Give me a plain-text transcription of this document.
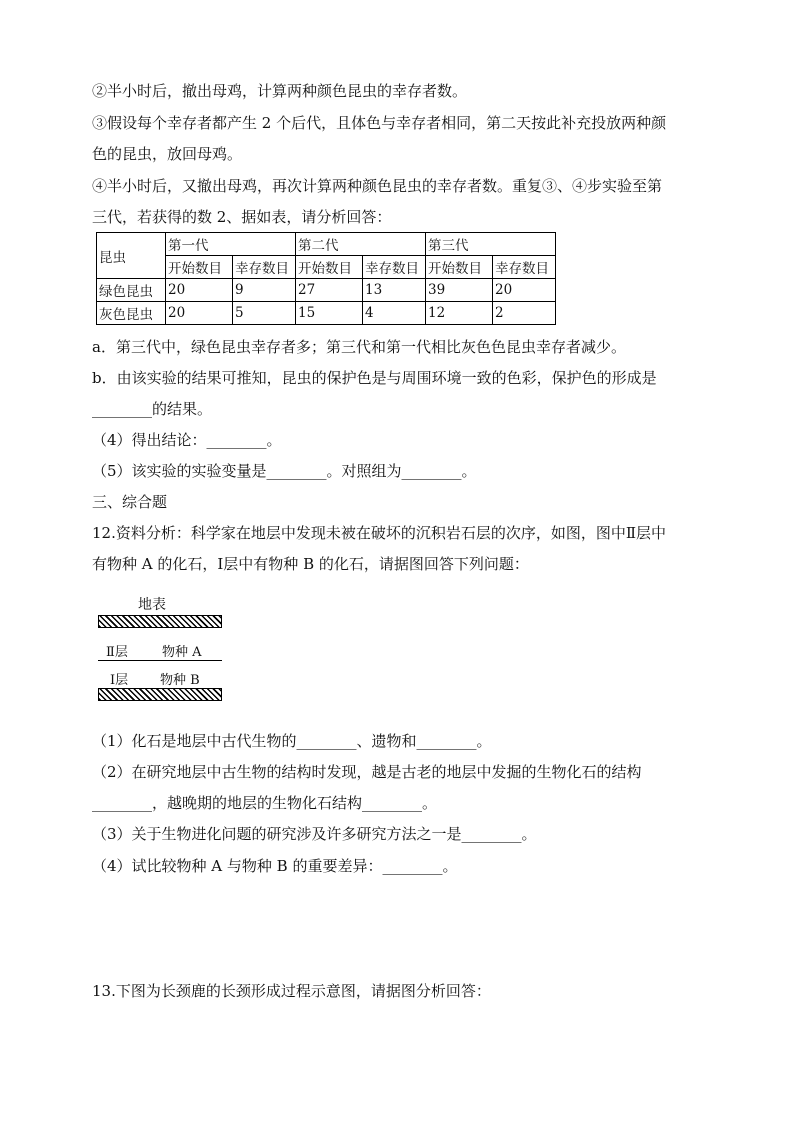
②半小时后，撤出母鸡，计算两种颜色昆虫的幸存者数。
③假设每个幸存者都产生 2 个后代，且体色与幸存者相同，第二天按此补充投放两种颜
色的昆虫，放回母鸡。
④半小时后，又撤出母鸡，再次计算两种颜色昆虫的幸存者数。重复③、④步实验至第
三代，若获得的数 2、据如表，请分析回答：
昆虫	第一代		第二代		第三代	
	开始数目	幸存数目	开始数目	幸存数目	开始数目	幸存数目
绿色昆虫	20	9	27	13	39	20
灰色昆虫	20	5	15	4	12	2
a．第三代中，绿色昆虫幸存者多；第三代和第一代相比灰色色昆虫幸存者减少。
b．由该实验的结果可推知，昆虫的保护色是与周围环境一致的色彩，保护色的形成是
________的结果。
（4）得出结论：________。
（5）该实验的实验变量是________。对照组为________。
三、综合题
12.资料分析：科学家在地层中发现未被在破坏的沉积岩石层的次序，如图，图中Ⅱ层中
有物种 A 的化石，Ⅰ层中有物种 B 的化石，请据图回答下列问题：
地表
Ⅱ层	物种 A
Ⅰ层 物种 B
（1）化石是地层中古代生物的________、遗物和________。
（2）在研究地层中古生物的结构时发现，越是古老的地层中发掘的生物化石的结构
________，越晚期的地层的生物化石结构________。
（3）关于生物进化问题的研究涉及许多研究方法之一是________。
（4）试比较物种 A 与物种 B 的重要差异：________。
13.下图为长颈鹿的长颈形成过程示意图，请据图分析回答：
